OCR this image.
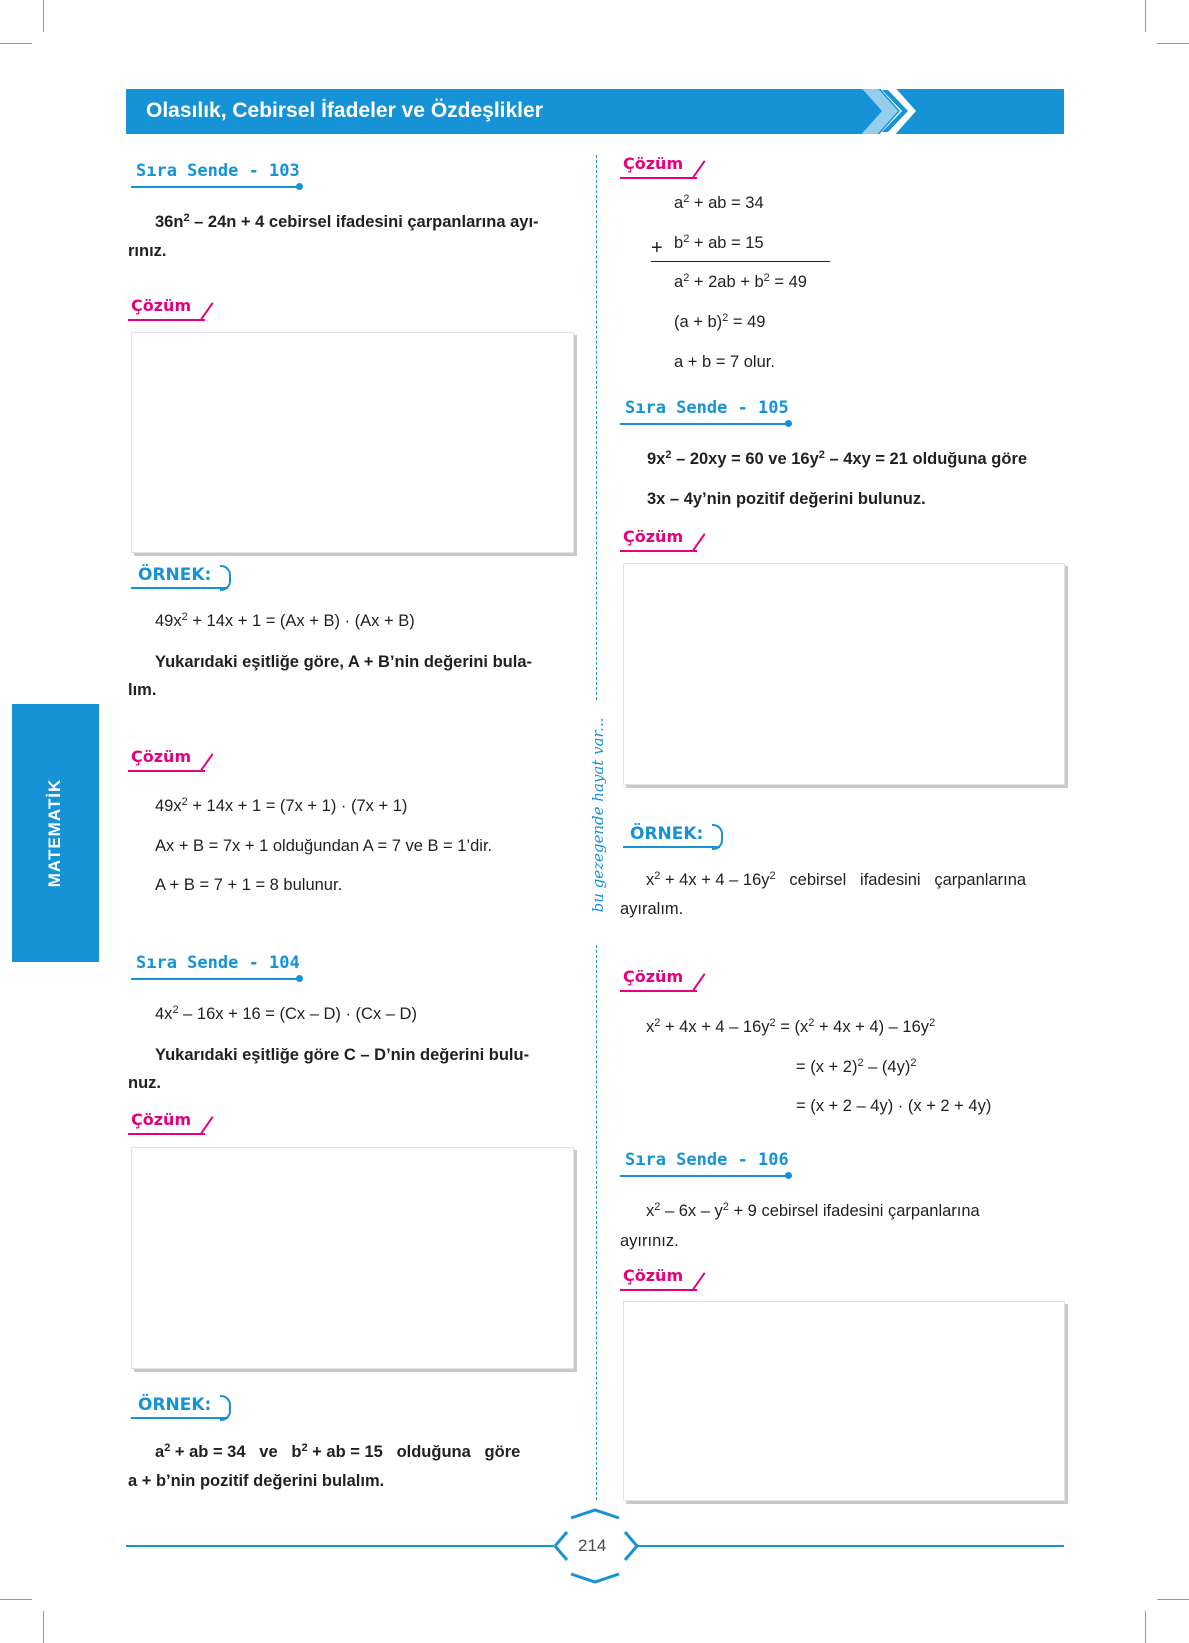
Olasılık, Cebirsel İfadeler ve Özdeşlikler
MATEMATİK	bu gezegende hayat var...
Sıra Sende - 103
$36n^2 - 24n + 4$ cebirsel ifadesini çarpanlarına ayı-
rınız.
Çözüm
ÖRNEK:
$49x^2 + 14x + 1 = (Ax + B) \cdot (Ax + B)$
Yukarıdaki eşitliğe göre, A + B’nin değerini bula-
lım.
Çözüm
$49x^2 + 14x + 1 = (7x + 1) \cdot (7x + 1)$
Ax + B = 7x + 1 olduğundan A = 7 ve B = 1’dir.
A + B = 7 + 1 = 8 bulunur.
Sıra Sende - 104
$4x^2 - 16x + 16 = (Cx - D) \cdot (Cx - D)$
Yukarıdaki eşitliğe göre C – D’nin değerini bulu-
nuz.
Çözüm
ÖRNEK:
$a^2$ + ab = 34   ve   $b^2$ + ab = 15   olduğuna   göre
a + b’nin pozitif değerini bulalım.
Çözüm
$a^2$ + ab = 34
+ $b^2$ + ab = 15
$a^2 + 2ab + b^2 = 49$
$(a + b)^2 = 49$
a + b = 7 olur.
Sıra Sende - 105
$9x^2 - 20xy = 60$ ve $16y^2 - 4xy = 21$ olduğuna göre
3x – 4y’nin pozitif değerini bulunuz.
Çözüm
ÖRNEK:
$x^2 + 4x + 4 - 16y^2$   cebirsel   ifadesini   çarpanlarına
ayıralım.
Çözüm
$x^2 + 4x + 4 - 16y^2 = (x^2 + 4x + 4) - 16y^2$
= $(x + 2)^2 - (4y)^2$
= (x + 2 – 4y) · (x + 2 + 4y)
Sıra Sende - 106
$x^2 - 6x - y^2 + 9$ cebirsel ifadesini çarpanlarına
ayırınız.
Çözüm
214
